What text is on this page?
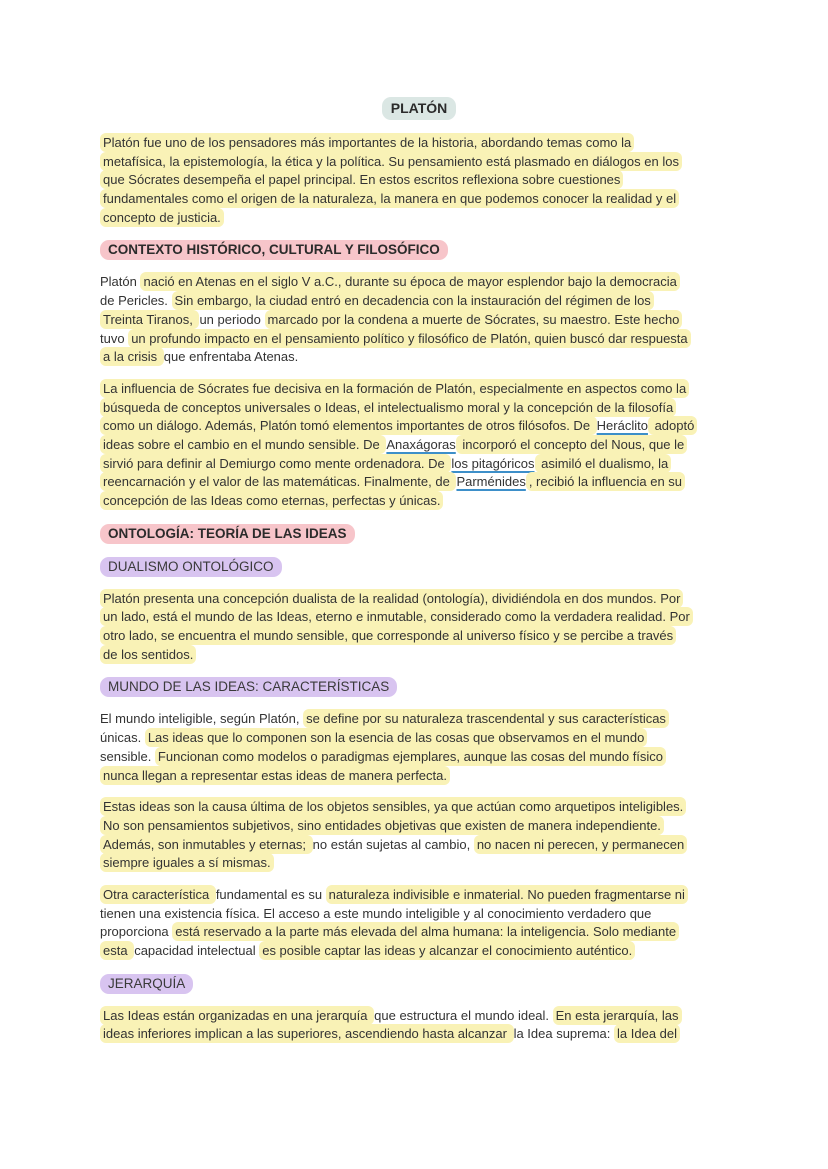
PLATÓN
Platón fue uno de los pensadores más importantes de la historia, abordando temas como la
metafísica, la epistemología, la ética y la política. Su pensamiento está plasmado en diálogos en los
que Sócrates desempeña el papel principal. En estos escritos reflexiona sobre cuestiones
fundamentales como el origen de la naturaleza, la manera en que podemos conocer la realidad y el
concepto de justicia.
CONTEXTO HISTÓRICO, CULTURAL Y FILOSÓFICO
Platón nació en Atenas en el siglo V a.C., durante su época de mayor esplendor bajo la democracia
de Pericles. Sin embargo, la ciudad entró en decadencia con la instauración del régimen de los
Treinta Tiranos, un periodo marcado por la condena a muerte de Sócrates, su maestro. Este hecho
tuvo un profundo impacto en el pensamiento político y filosófico de Platón, quien buscó dar respuesta
a la crisis que enfrentaba Atenas.
La influencia de Sócrates fue decisiva en la formación de Platón, especialmente en aspectos como la
búsqueda de conceptos universales o Ideas, el intelectualismo moral y la concepción de la filosofía
como un diálogo. Además, Platón tomó elementos importantes de otros filósofos. De Heráclito adoptó
ideas sobre el cambio en el mundo sensible. De Anaxágoras incorporó el concepto del Nous, que le
sirvió para definir al Demiurgo como mente ordenadora. De los pitagóricos asimiló el dualismo, la
reencarnación y el valor de las matemáticas. Finalmente, de Parménides , recibió la influencia en su
concepción de las Ideas como eternas, perfectas y únicas.
ONTOLOGÍA: TEORÍA DE LAS IDEAS
DUALISMO ONTOLÓGICO
Platón presenta una concepción dualista de la realidad (ontología), dividiéndola en dos mundos. Por
un lado, está el mundo de las Ideas, eterno e inmutable, considerado como la verdadera realidad. Por
otro lado, se encuentra el mundo sensible, que corresponde al universo físico y se percibe a través
de los sentidos.
MUNDO DE LAS IDEAS: CARACTERÍSTICAS
El mundo inteligible, según Platón, se define por su naturaleza trascendental y sus características
únicas. Las ideas que lo componen son la esencia de las cosas que observamos en el mundo
sensible. Funcionan como modelos o paradigmas ejemplares, aunque las cosas del mundo físico
nunca llegan a representar estas ideas de manera perfecta.
Estas ideas son la causa última de los objetos sensibles, ya que actúan como arquetipos inteligibles.
No son pensamientos subjetivos, sino entidades objetivas que existen de manera independiente.
Además, son inmutables y eternas; no están sujetas al cambio, no nacen ni perecen, y permanecen
siempre iguales a sí mismas.
Otra característica fundamental es su naturaleza indivisible e inmaterial. No pueden fragmentarse ni
tienen una existencia física. El acceso a este mundo inteligible y al conocimiento verdadero que
proporciona está reservado a la parte más elevada del alma humana: la inteligencia. Solo mediante
esta capacidad intelectual es posible captar las ideas y alcanzar el conocimiento auténtico.
JERARQUÍA
Las Ideas están organizadas en una jerarquía que estructura el mundo ideal. En esta jerarquía, las
ideas inferiores implican a las superiores, ascendiendo hasta alcanzar la Idea suprema: la Idea del
